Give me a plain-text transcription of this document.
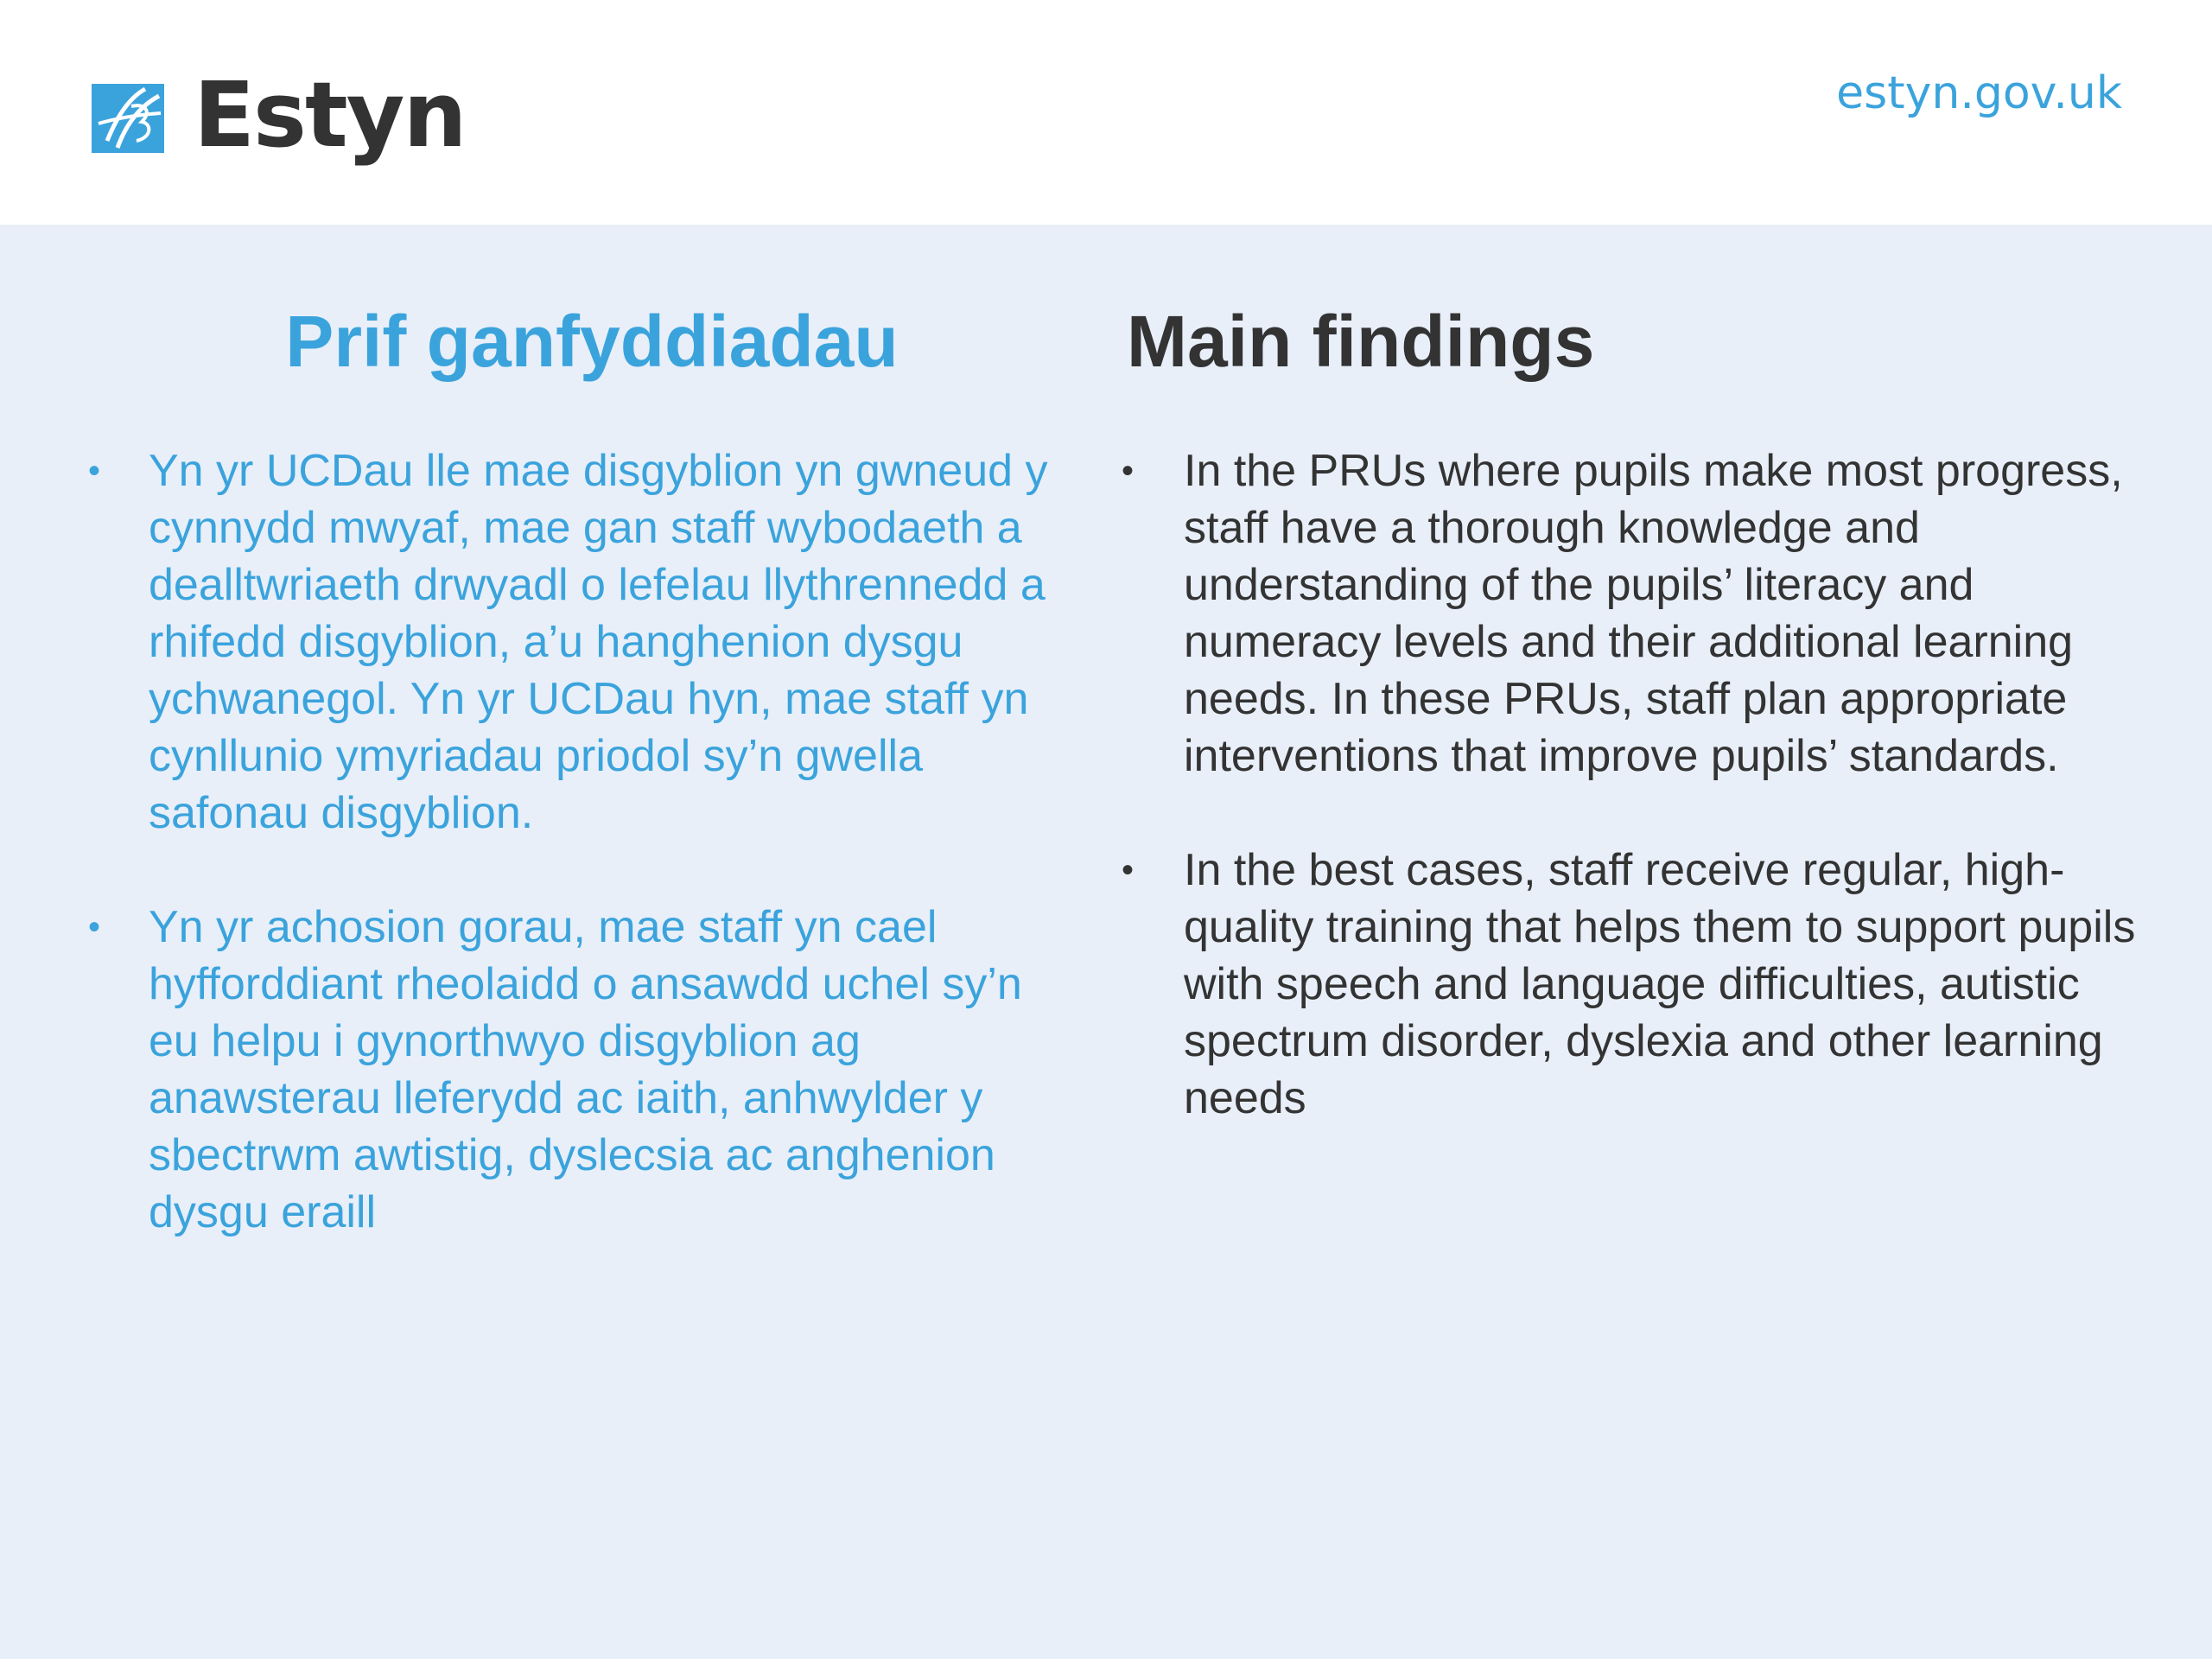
Estyn	estyn.gov.uk
Prif ganfyddiadau
• Yn yr UCDau lle mae disgyblion yn gwneud y cynnydd mwyaf, mae gan staff wybodaeth a dealltwriaeth drwyadl o lefelau llythrennedd a rhifedd disgyblion, a’u hanghenion dysgu ychwanegol. Yn yr UCDau hyn, mae staff yn cynllunio ymyriadau priodol sy’n gwella safonau disgyblion.
• Yn yr achosion gorau, mae staff yn cael hyfforddiant rheolaidd o ansawdd uchel sy’n eu helpu i gynorthwyo disgyblion ag anawsterau lleferydd ac iaith, anhwylder y sbectrwm awtistig, dyslecsia ac anghenion dysgu eraill
Main findings
• In the PRUs where pupils make most progress, staff have a thorough knowledge and understanding of the pupils’ literacy and numeracy levels and their additional learning needs. In these PRUs, staff plan appropriate interventions that improve pupils’ standards.
• In the best cases, staff receive regular, high-quality training that helps them to support pupils with speech and language difficulties, autistic spectrum disorder, dyslexia and other learning needs
